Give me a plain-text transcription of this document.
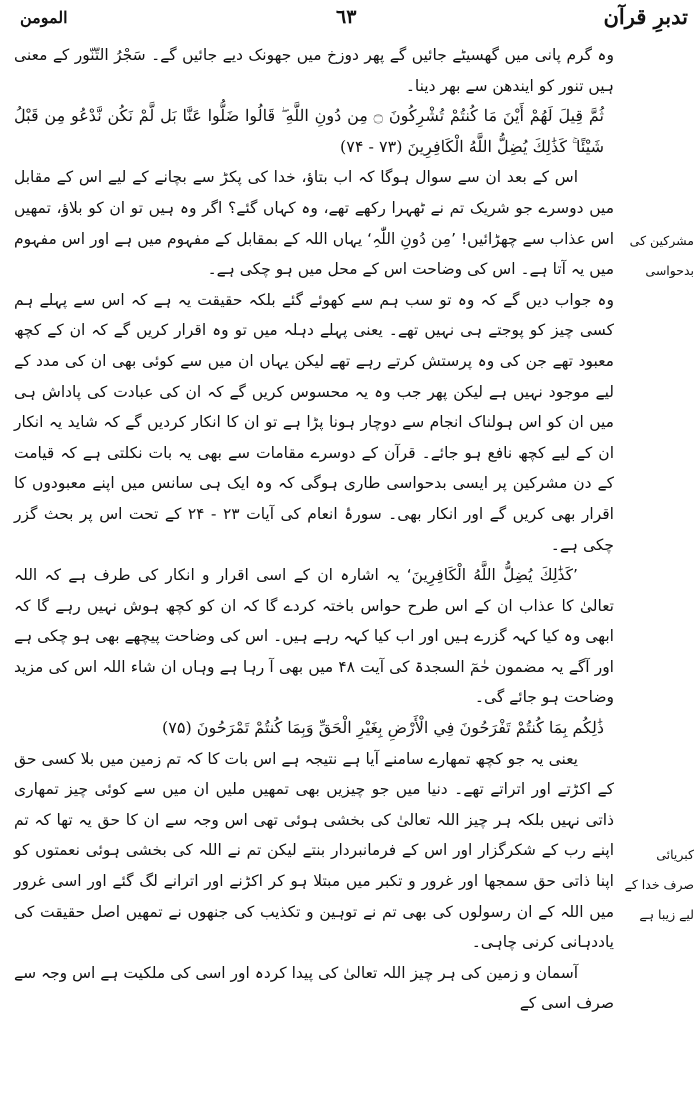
تدبرِ قرآن
٦٣
المومن
مشرکین کی بدحواسی
کبریائی صرف خدا کے لیے زیبا ہے

وہ گرم پانی میں گھسیٹے جائیں گے پھر دوزخ میں جھونک دیے جائیں گے۔ سَجْرُ التّنّور کے معنی ہیں تنور کو ایندھن سے بھر دینا۔

ثُمَّ قِيلَ لَهُمْ أَيْنَ مَا كُنتُمْ تُشْرِكُونَ ۝ مِن دُونِ اللَّهِ ۖ قَالُوا ضَلُّوا عَنَّا بَل لَّمْ نَكُن نَّدْعُو مِن قَبْلُ شَيْئًا ۚ كَذَٰلِكَ يُضِلُّ اللَّهُ الْكَافِرِينَ (۷۳ - ۷۴)

اس کے بعد ان سے سوال ہوگا کہ اب بتاؤ، خدا کی پکڑ سے بچانے کے لیے اس کے مقابل میں دوسرے جو شریک تم نے ٹھہرا رکھے تھے، وہ کہاں گئے؟ اگر وہ ہیں تو ان کو بلاؤ، تمھیں اس عذاب سے چھڑائیں! ’مِن دُونِ اللّٰہِ‘ یہاں اللہ کے بمقابل کے مفہوم میں ہے اور اس مفہوم میں یہ آتا ہے۔ اس کی وضاحت اس کے محل میں ہو چکی ہے۔

وہ جواب دیں گے کہ وہ تو سب ہم سے کھوئے گئے بلکہ حقیقت یہ ہے کہ اس سے پہلے ہم کسی چیز کو پوجتے ہی نہیں تھے۔ یعنی پہلے دہلہ میں تو وہ اقرار کریں گے کہ ان کے کچھ معبود تھے جن کی وہ پرستش کرتے رہے تھے لیکن یہاں ان میں سے کوئی بھی ان کی مدد کے لیے موجود نہیں ہے لیکن پھر جب وہ یہ محسوس کریں گے کہ ان کی عبادت کی پاداش ہی میں ان کو اس ہولناک انجام سے دوچار ہونا پڑا ہے تو ان کا انکار کردیں گے کہ شاید یہ انکار ان کے لیے کچھ نافع ہو جائے۔ قرآن کے دوسرے مقامات سے بھی یہ بات نکلتی ہے کہ قیامت کے دن مشرکین پر ایسی بدحواسی طاری ہوگی کہ وہ ایک ہی سانس میں اپنے معبودوں کا اقرار بھی کریں گے اور انکار بھی۔ سورۂ انعام کی آیات ۲۳ - ۲۴ کے تحت اس پر بحث گزر چکی ہے۔

’كَذَٰلِكَ يُضِلُّ اللَّهُ الْكَافِرِينَ‘ یہ اشارہ ان کے اسی اقرار و انکار کی طرف ہے کہ اللہ تعالیٰ کا عذاب ان کے اس طرح حواس باختہ کردے گا کہ ان کو کچھ ہوش نہیں رہے گا کہ ابھی وہ کیا کہہ گزرے ہیں اور اب کیا کہہ رہے ہیں۔ اس کی وضاحت پیچھے بھی ہو چکی ہے اور آگے یہ مضمون حٰمٓ السجدۃ کی آیت ۴۸ میں بھی آ رہا ہے وہاں ان شاء اللہ اس کی مزید وضاحت ہو جائے گی۔

ذَٰلِكُم بِمَا كُنتُمْ تَفْرَحُونَ فِي الْأَرْضِ بِغَيْرِ الْحَقِّ وَبِمَا كُنتُمْ تَمْرَحُونَ (۷۵)

یعنی یہ جو کچھ تمھارے سامنے آیا ہے نتیجہ ہے اس بات کا کہ تم زمین میں بلا کسی حق کے اکڑتے اور اتراتے تھے۔ دنیا میں جو چیزیں بھی تمھیں ملیں ان میں سے کوئی چیز تمھاری ذاتی نہیں بلکہ ہر چیز اللہ تعالیٰ کی بخشی ہوئی تھی اس وجہ سے ان کا حق یہ تھا کہ تم اپنے رب کے شکرگزار اور اس کے فرمانبردار بنتے لیکن تم نے اللہ کی بخشی ہوئی نعمتوں کو اپنا ذاتی حق سمجھا اور غرور و تکبر میں مبتلا ہو کر اکڑنے اور اترانے لگ گئے اور اسی غرور میں اللہ کے ان رسولوں کی بھی تم نے توہین و تکذیب کی جنھوں نے تمھیں اصل حقیقت کی یاددہانی کرنی چاہی۔

آسمان و زمین کی ہر چیز اللہ تعالیٰ کی پیدا کردہ اور اسی کی ملکیت ہے اس وجہ سے صرف اسی کے
